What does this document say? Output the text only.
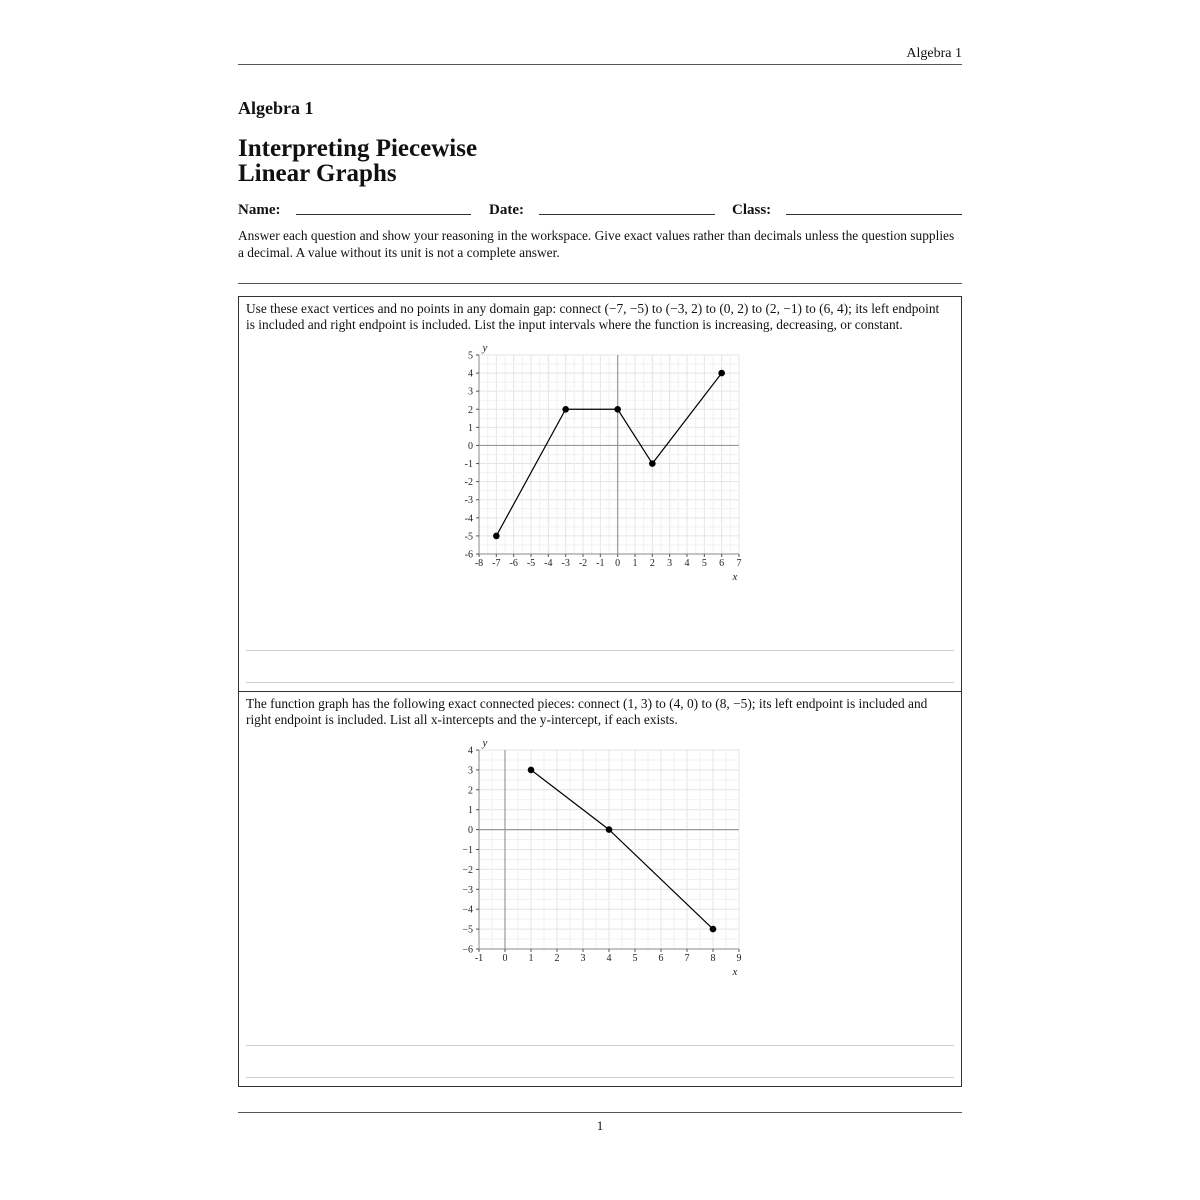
Algebra 1
Algebra 1
Interpreting Piecewise
Linear Graphs
Name:	Date:	Class:
Answer each question and show your reasoning in the workspace. Give exact values rather than decimals unless the question supplies a decimal. A value without its unit is not a complete answer.
Use these exact vertices and no points in any domain gap: connect (−7, −5) to (−3, 2) to (0, 2) to (2, −1) to (6, 4); its left endpoint is included and right endpoint is included. List the input intervals where the function is increasing, decreasing, or constant.
-8 -7 -6 -5 -4 -3 -2 -1 0 1 2 3 4 5 6 7
5
4
3
2
1
0
-1
-2
-3
-4
-5
-6
x
y
The function graph has the following exact connected pieces: connect (1, 3) to (4, 0) to (8, −5); its left endpoint is included and right endpoint is included. List all x-intercepts and the y-intercept, if each exists.
-1 0 1 2 3 4 5 6 7 8 9
4
3
2
1
0
−1
−2
−3
−4
−5
−6
x
y
1
